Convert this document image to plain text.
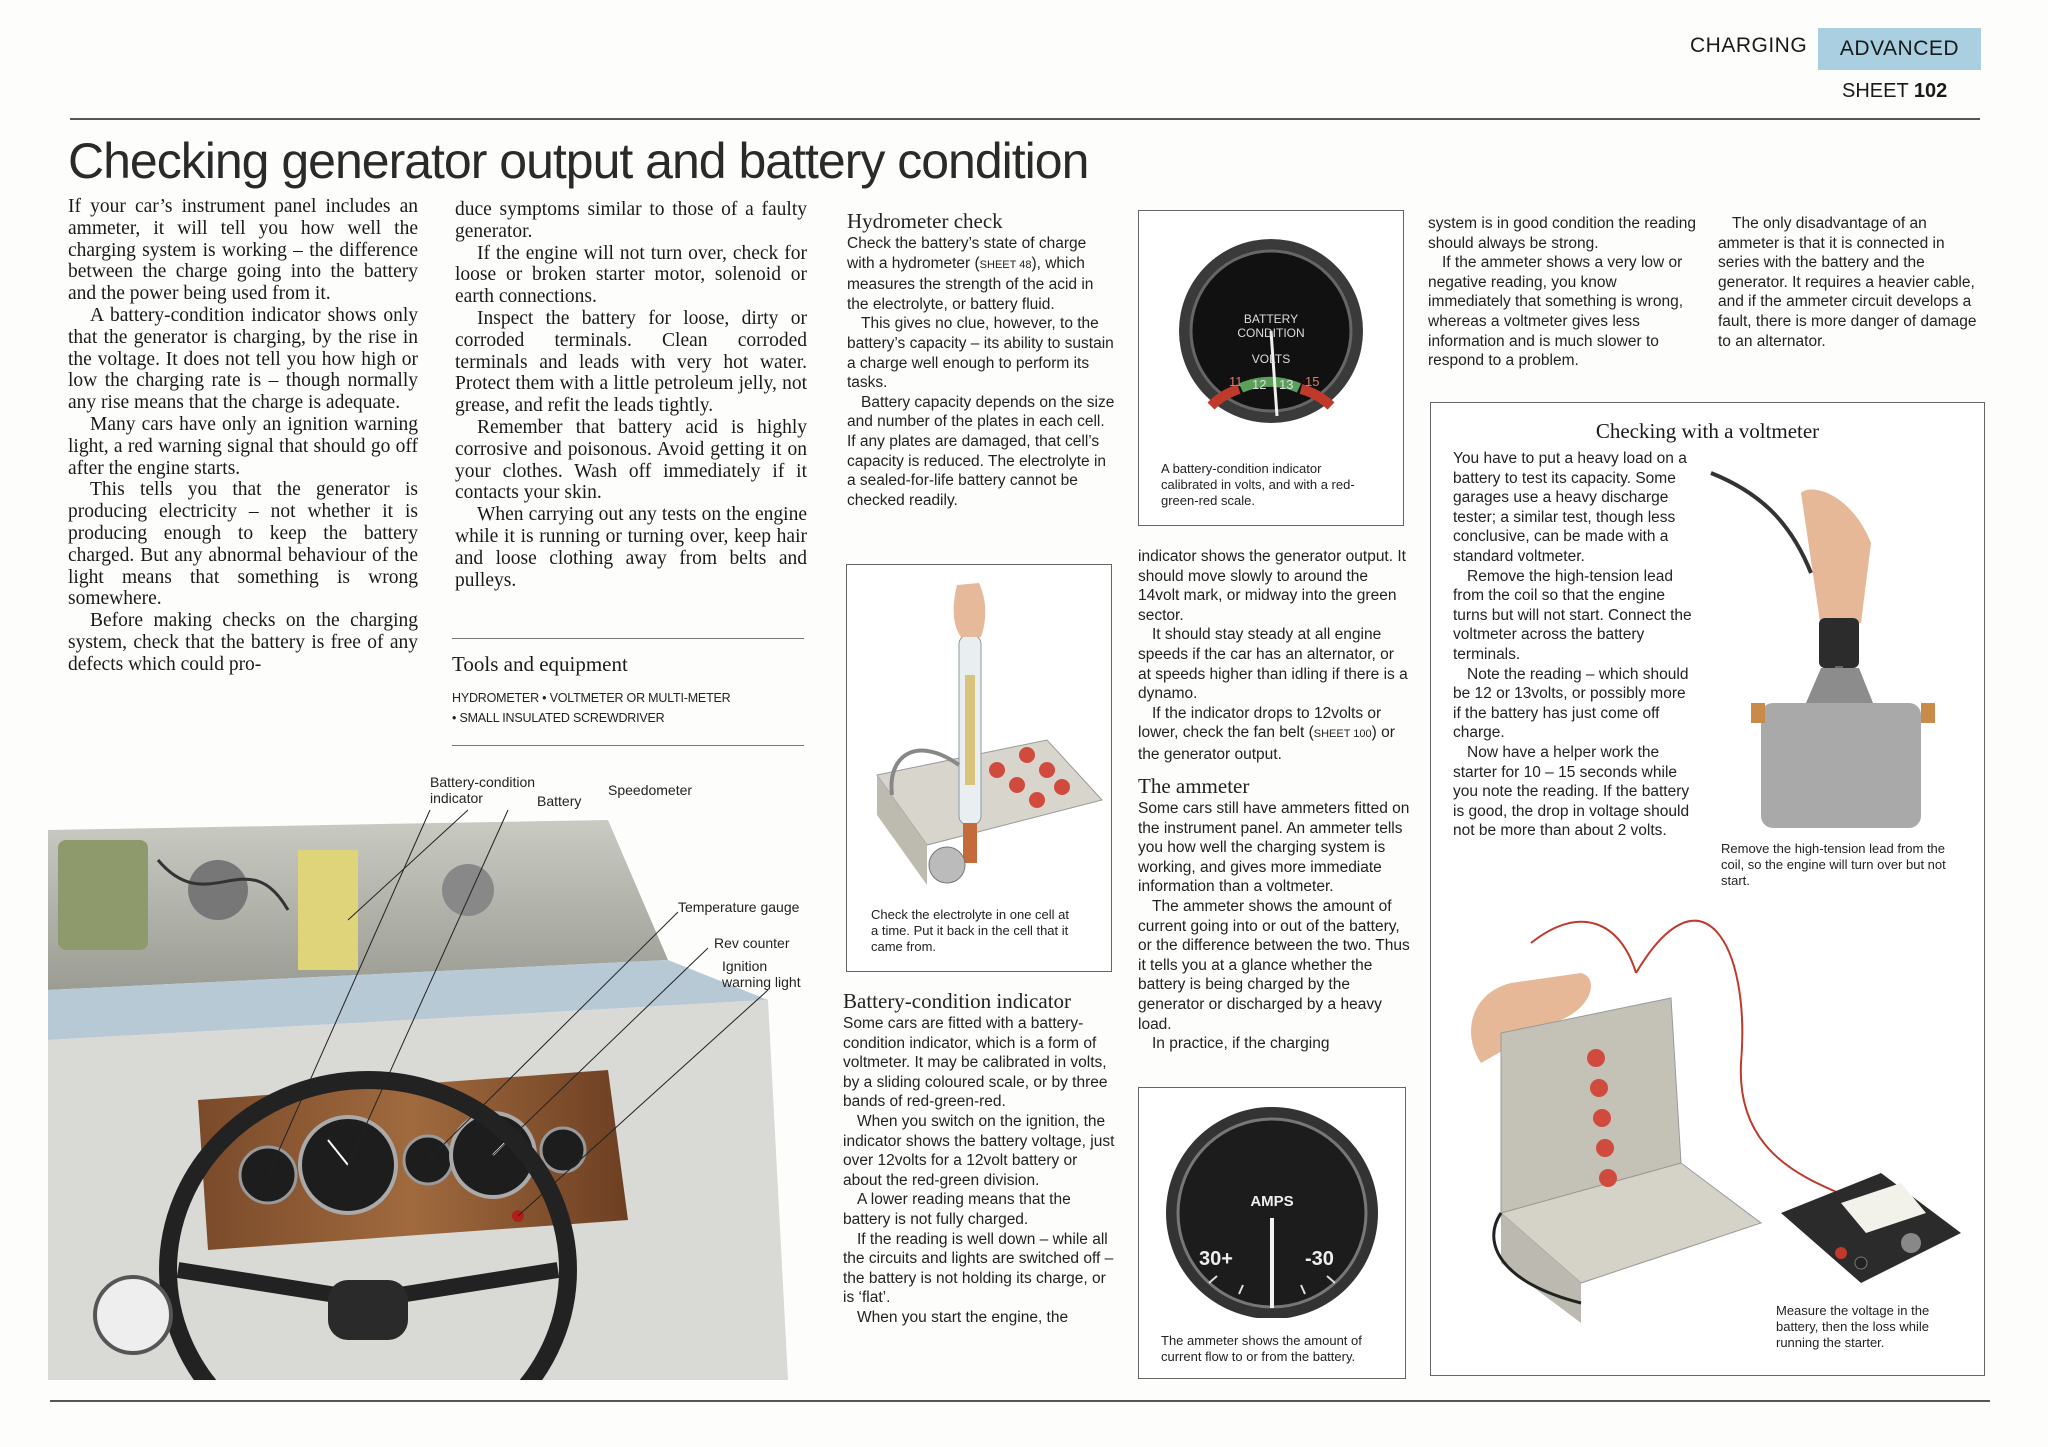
CHARGING	ADVANCED
SHEET 102
Checking generator output and battery condition

If your car’s instrument panel includes an ammeter, it will tell you how well the charging system is working – the difference between the charge going into the battery and the power being used from it.

A battery-condition indicator shows only that the generator is charging, by the rise in the voltage. It does not tell you how high or low the charging rate is – though normally any rise means that the charge is adequate.

Many cars have only an ignition warning light, a red warning signal that should go off after the engine starts.

This tells you that the generator is producing electricity – not whether it is producing enough to keep the battery charged. But any abnormal behaviour of the light means that something is wrong somewhere.

Before making checks on the charging system, check that the battery is free of any defects which could pro-

duce symptoms similar to those of a faulty generator.

If the engine will not turn over, check for loose or broken starter motor, solenoid or earth connections.

Inspect the battery for loose, dirty or corroded terminals. Clean corroded terminals and leads with very hot water. Protect them with a little petroleum jelly, not grease, and refit the leads tightly.

Remember that battery acid is highly corrosive and poisonous. Avoid getting it on your clothes. Wash off immediately if it contacts your skin.

When carrying out any tests on the engine while it is running or turning over, keep hair and loose clothing away from belts and pulleys.

Tools and equipment
HYDROMETER • VOLTMETER OR MULTI-METER
• SMALL INSULATED SCREWDRIVER
Battery-condition indicator	Battery
Speedometer
Temperature gauge
Rev counter
Ignition warning light
Hydrometer check

Check the battery’s state of charge with a hydrometer (SHEET 48), which measures the strength of the acid in the electrolyte, or battery fluid.

This gives no clue, however, to the battery’s capacity – its ability to sustain a charge well enough to perform its tasks.

Battery capacity depends on the size and number of the plates in each cell. If any plates are damaged, that cell’s capacity is reduced. The electrolyte in a sealed-for-life battery cannot be checked readily.

Check the electrolyte in one cell at a time. Put it back in the cell that it came from.
Battery-condition indicator

Some cars are fitted with a battery-condition indicator, which is a form of voltmeter. It may be calibrated in volts, by a sliding coloured scale, or by three bands of red-green-red.

When you switch on the ignition, the indicator shows the battery voltage, just over 12volts for a 12volt battery or about the red-green division.

A lower reading means that the battery is not fully charged.

If the reading is well down – while all the circuits and lights are switched off – the battery is not holding its charge, or is ‘flat’.

When you start the engine, the

BATTERY
CONDITION
VOLTS
11 12 13 15
A battery-condition indicator calibrated in volts, and with a red-green-red scale.

indicator shows the generator output. It should move slowly to around the 14volt mark, or midway into the green sector.

It should stay steady at all engine speeds if the car has an alternator, or at speeds higher than idling if there is a dynamo.

If the indicator drops to 12volts or lower, check the fan belt (SHEET 100) or the generator output.

The ammeter

Some cars still have ammeters fitted on the instrument panel. An ammeter tells you how well the charging system is working, and gives more immediate information than a voltmeter.

The ammeter shows the amount of current going into or out of the battery, or the difference between the two. Thus it tells you at a glance whether the battery is being charged by the generator or discharged by a heavy load.

In practice, if the charging

AMPS
30+	-30
The ammeter shows the amount of current flow to or from the battery.

system is in good condition the reading should always be strong.

If the ammeter shows a very low or negative reading, you know immediately that something is wrong, whereas a voltmeter gives less information and is much slower to respond to a problem.

The only disadvantage of an ammeter is that it is connected in series with the battery and the generator. It requires a heavier cable, and if the ammeter circuit develops a fault, there is more danger of damage to an alternator.

Checking with a voltmeter

You have to put a heavy load on a battery to test its capacity. Some garages use a heavy discharge tester; a similar test, though less conclusive, can be made with a standard voltmeter.

Remove the high-tension lead from the coil so that the engine turns but will not start. Connect the voltmeter across the battery terminals.

Note the reading – which should be 12 or 13volts, or possibly more if the battery has just come off charge.

Now have a helper work the starter for 10 – 15 seconds while you note the reading. If the battery is good, the drop in voltage should not be more than about 2 volts.

Remove the high-tension lead from the coil, so the engine will turn over but not start.
Measure the voltage in the battery, then the loss while running the starter.
